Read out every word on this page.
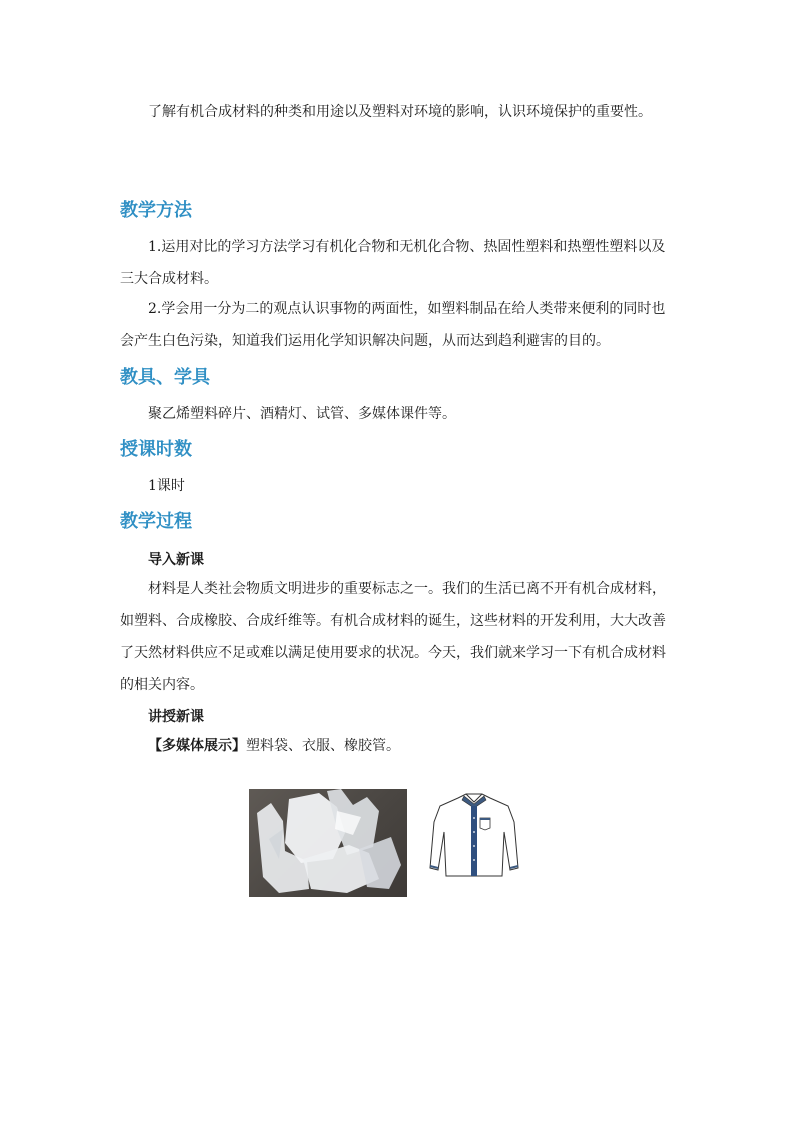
了解有机合成材料的种类和用途以及塑料对环境的影响，认识环境保护的重要性。

教学方法

1.运用对比的学习方法学习有机化合物和无机化合物、热固性塑料和热塑性塑料以及三大合成材料。

2.学会用一分为二的观点认识事物的两面性，如塑料制品在给人类带来便利的同时也会产生白色污染，知道我们运用化学知识解决问题，从而达到趋利避害的目的。

教具、学具

聚乙烯塑料碎片、酒精灯、试管、多媒体课件等。

授课时数

1课时

教学过程
导入新课

材料是人类社会物质文明进步的重要标志之一。我们的生活已离不开有机合成材料，如塑料、合成橡胶、合成纤维等。有机合成材料的诞生，这些材料的开发利用，大大改善了天然材料供应不足或难以满足使用要求的状况。今天，我们就来学习一下有机合成材料的相关内容。

讲授新课

【多媒体展示】塑料袋、衣服、橡胶管。
